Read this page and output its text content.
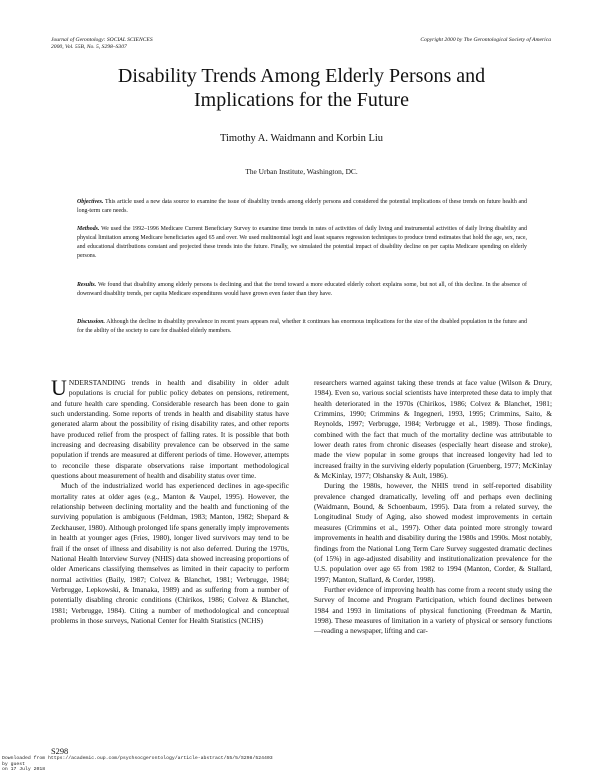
Journal of Gerontology: SOCIAL SCIENCES
2000, Vol. 55B, No. 5, S298–S307
Copyright 2000 by The Gerontological Society of America
Disability Trends Among Elderly Persons and
Implications for the Future
Timothy A. Waidmann and Korbin Liu
The Urban Institute, Washington, DC.
Objectives. This article used a new data source to examine the issue of disability trends among elderly persons and considered the potential implications of these trends on future health and long-term care needs.
Methods. We used the 1992–1996 Medicare Current Beneficiary Survey to examine time trends in rates of activities of daily living and instrumental activities of daily living disability and physical limitation among Medicare beneficiaries aged 65 and over. We used multinomial logit and least squares regression techniques to produce trend estimates that hold the age, sex, race, and educational distributions constant and projected these trends into the future. Finally, we simulated the potential impact of disability decline on per capita Medicare spending on elderly persons.
Results. We found that disability among elderly persons is declining and that the trend toward a more educated elderly cohort explains some, but not all, of this decline. In the absence of downward disability trends, per capita Medicare expenditures would have grown even faster than they have.
Discussion. Although the decline in disability prevalence in recent years appears real, whether it continues has enormous implications for the size of the disabled population in the future and for the ability of the society to care for disabled elderly members.

UNDERSTANDING trends in health and disability in older adult populations is crucial for public policy debates on pensions, retirement, and future health care spending. Considerable research has been done to gain such understanding. Some reports of trends in health and disability status have generated alarm about the possibility of rising disability rates, and other reports have produced relief from the prospect of falling rates. It is possible that both increasing and decreasing disability prevalence can be observed in the same population if trends are measured at different periods of time. However, attempts to reconcile these disparate observations raise important methodological questions about measurement of health and disability status over time.

Much of the industrialized world has experienced declines in age-specific mortality rates at older ages (e.g., Manton & Vaupel, 1995). However, the relationship between declining mortality and the health and functioning of the surviving population is ambiguous (Feldman, 1983; Manton, 1982; Shepard & Zeckhauser, 1980). Although prolonged life spans generally imply improvements in health at younger ages (Fries, 1980), longer lived survivors may tend to be frail if the onset of illness and disability is not also deferred. During the 1970s, National Health Interview Survey (NHIS) data showed increasing proportions of older Americans classifying themselves as limited in their capacity to perform normal activities (Baily, 1987; Colvez & Blanchet, 1981; Verbrugge, 1984; Verbrugge, Lepkowski, & Imanaka, 1989) and as suffering from a number of potentially disabling chronic conditions (Chirikos, 1986; Colvez & Blanchet, 1981; Verbrugge, 1984). Citing a number of methodological and conceptual problems in those surveys, National Center for Health Statistics (NCHS)

researchers warned against taking these trends at face value (Wilson & Drury, 1984). Even so, various social scientists have interpreted these data to imply that health deteriorated in the 1970s (Chirikos, 1986; Colvez & Blanchet, 1981; Crimmins, 1990; Crimmins & Ingegneri, 1993, 1995; Crimmins, Saito, & Reynolds, 1997; Verbrugge, 1984; Verbrugge et al., 1989). Those findings, combined with the fact that much of the mortality decline was attributable to lower death rates from chronic diseases (especially heart disease and stroke), made the view popular in some groups that increased longevity had led to increased frailty in the surviving elderly population (Gruenberg, 1977; McKinlay & McKinlay, 1977; Olshansky & Ault, 1986).

During the 1980s, however, the NHIS trend in self-reported disability prevalence changed dramatically, leveling off and perhaps even declining (Waidmann, Bound, & Schoenbaum, 1995). Data from a related survey, the Longitudinal Study of Aging, also showed modest improvements in certain measures (Crimmins et al., 1997). Other data pointed more strongly toward improvements in health and disability during the 1980s and 1990s. Most notably, findings from the National Long Term Care Survey suggested dramatic declines (of 15%) in age-adjusted disability and institutionalization prevalence for the U.S. population over age 65 from 1982 to 1994 (Manton, Corder, & Stallard, 1997; Manton, Stallard, & Corder, 1998).

Further evidence of improving health has come from a recent study using the Survey of Income and Program Participation, which found declines between 1984 and 1993 in limitations of physical functioning (Freedman & Martin, 1998). These measures of limitation in a variety of physical or sensory functions—reading a newspaper, lifting and car-

S298
Downloaded from https://academic.oup.com/psychsocgerontology/article-abstract/55/5/S298/524403
by guest
on 17 July 2018
